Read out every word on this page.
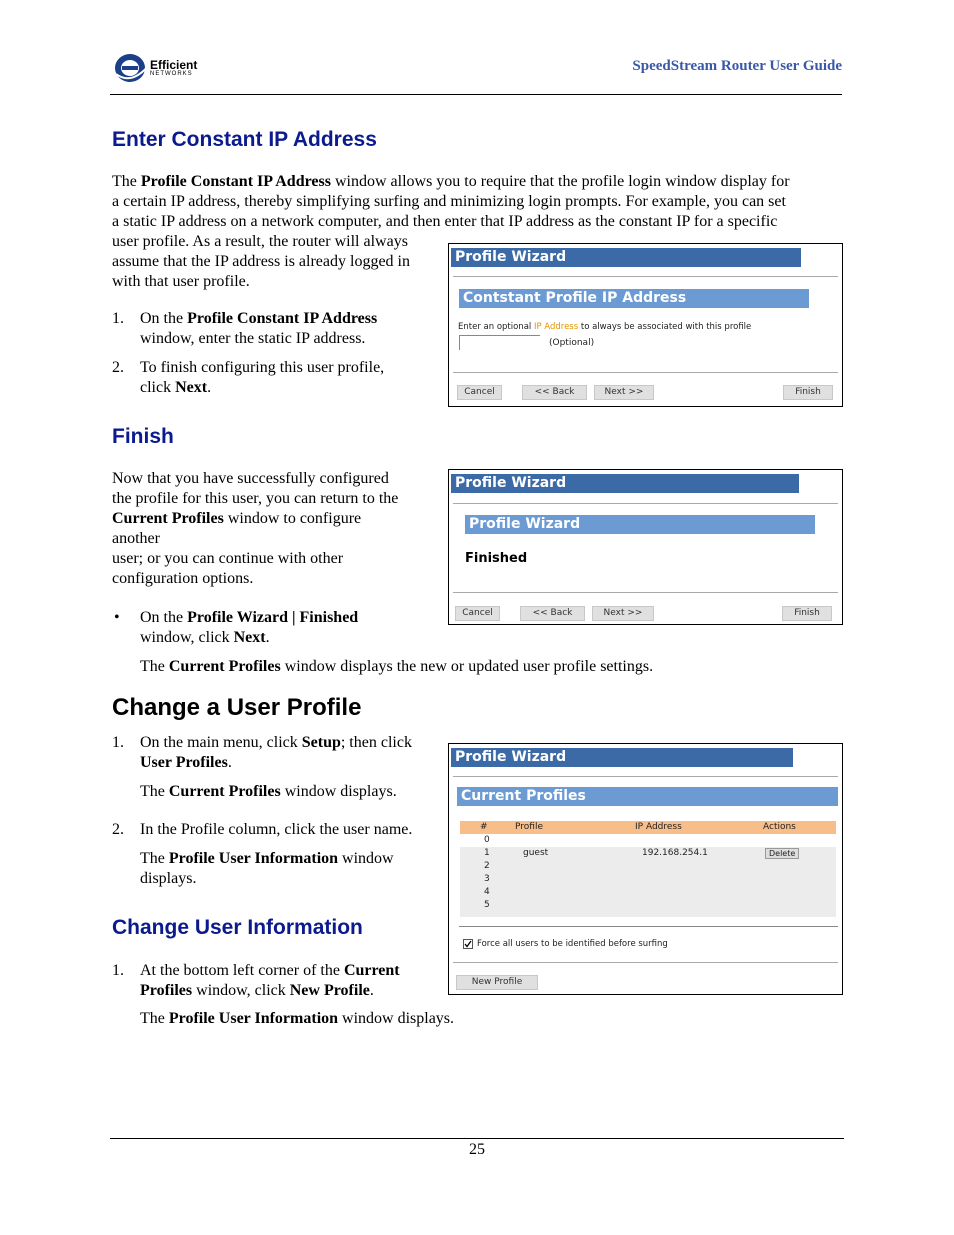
Efficient
NETWORKS	SpeedStream Router User Guide
Enter Constant IP Address
The Profile Constant IP Address window allows you to require that the profile login window display for
a certain IP address, thereby simplifying surfing and minimizing login prompts. For example, you can set
a static IP address on a network computer, and then enter that IP address as the constant IP for a specific
user profile. As a result, the router will always
assume that the IP address is already logged in
with that user profile.
1. On the Profile Constant IP Address
window, enter the static IP address.
2. To finish configuring this user profile,
click Next.
Profile Wizard
Contstant Profile IP Address
Enter an optional IP Address to always be associated with this profile
(Optional)
Cancel	<< Back	Next >>	Finish
Finish
Now that you have successfully configured
the profile for this user, you can return to the
Current Profiles window to configure
another
user; or you can continue with other
configuration options.
• On the Profile Wizard | Finished
window, click Next.
The Current Profiles window displays the new or updated user profile settings.
Profile Wizard
Profile Wizard
Finished
Cancel	<< Back	Next >>	Finish
Change a User Profile
1. On the main menu, click Setup; then click
User Profiles.
The Current Profiles window displays.
2. In the Profile column, click the user name.
The Profile User Information window
displays.
Profile Wizard
Current Profiles
#	Profile	IP Address	Actions
0
1	guest	192.168.254.1	Delete
2
3
4
5
Force all users to be identified before surfing
New Profile
Change User Information
1. At the bottom left corner of the Current
Profiles window, click New Profile.
The Profile User Information window displays.
25
